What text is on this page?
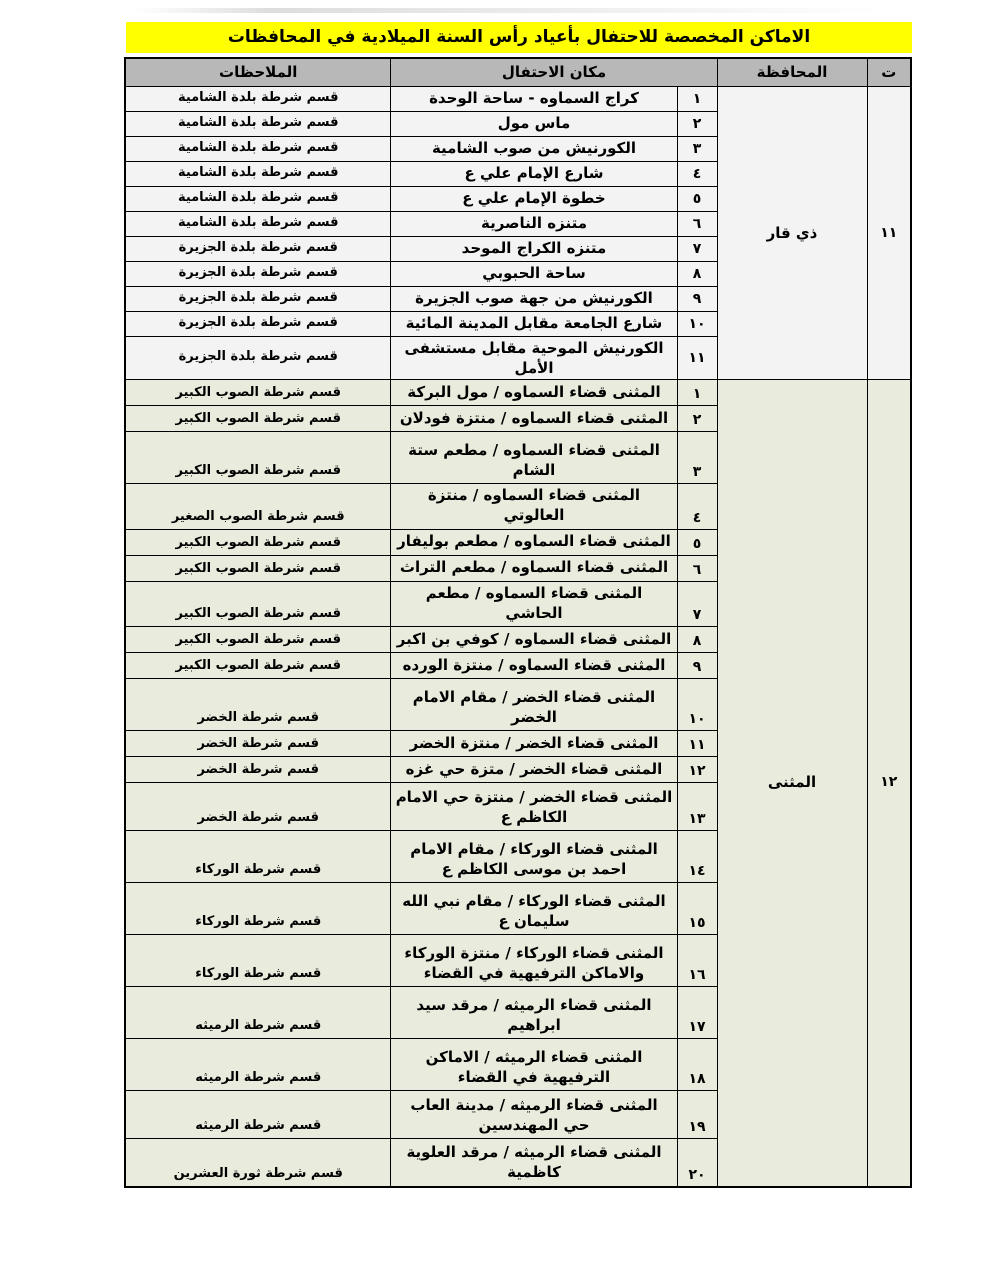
الاماكن المخصصة للاحتفال بأعياد رأس السنة الميلادية في المحافظات
ت	المحافظة	مكان الاحتفال		الملاحظات
١١	ذي قار	١	كراج السماوه - ساحة الوحدة	قسم شرطة بلدة الشامية
		٢	ماس مول	قسم شرطة بلدة الشامية
		٣	الكورنيش من صوب الشامية	قسم شرطة بلدة الشامية
		٤	شارع الإمام علي ع	قسم شرطة بلدة الشامية
		٥	خطوة الإمام علي ع	قسم شرطة بلدة الشامية
		٦	متنزه الناصرية	قسم شرطة بلدة الشامية
		٧	متنزه الكراج الموحد	قسم شرطة بلدة الجزيرة
		٨	ساحة الحبوبي	قسم شرطة بلدة الجزيرة
		٩	الكورنيش من جهة صوب الجزيرة	قسم شرطة بلدة الجزيرة
		١٠	شارع الجامعة مقابل المدينة المائية	قسم شرطة بلدة الجزيرة
		١١	الكورنيش الموحية مقابل مستشفى الأمل	قسم شرطة بلدة الجزيرة
١٢	المثنى	١	المثنى قضاء السماوه / مول البركة	قسم شرطة الصوب الكبير
		٢	المثنى قضاء السماوه / منتزة فودلان	قسم شرطة الصوب الكبير
		٣	المثنى قضاء السماوه / مطعم ستة الشام	قسم شرطة الصوب الكبير
		٤	المثنى قضاء السماوه / منتزة العالوتي	قسم شرطة الصوب الصغير
		٥	المثنى قضاء السماوه / مطعم بوليفار	قسم شرطة الصوب الكبير
		٦	المثنى قضاء السماوه / مطعم التراث	قسم شرطة الصوب الكبير
		٧	المثنى قضاء السماوه / مطعم الحاشي	قسم شرطة الصوب الكبير
		٨	المثنى قضاء السماوه / كوفي بن اكبر	قسم شرطة الصوب الكبير
		٩	المثنى قضاء السماوه / منتزة الورده	قسم شرطة الصوب الكبير
		١٠	المثنى قضاء الخضر / مقام الامام الخضر	قسم شرطة الخضر
		١١	المثنى قضاء الخضر / منتزة الخضر	قسم شرطة الخضر
		١٢	المثنى قضاء الخضر / متزة حي غزه	قسم شرطة الخضر
		١٣	المثنى قضاء الخضر / منتزة حي الامام الكاظم ع	قسم شرطة الخضر
		١٤	المثنى قضاء الوركاء / مقام الامام احمد بن موسى الكاظم ع	قسم شرطة الوركاء
		١٥	المثنى قضاء الوركاء / مقام نبي الله سليمان ع	قسم شرطة الوركاء
		١٦	المثنى قضاء الوركاء / منتزة الوركاء والاماكن الترفيهية في القضاء	قسم شرطة الوركاء
		١٧	المثنى قضاء الرميثه / مرقد سيد ابراهيم	قسم شرطة الرميثه
		١٨	المثنى قضاء الرميثه / الاماكن الترفيهية في القضاء	قسم شرطة الرميثه
		١٩	المثنى قضاء الرميثه / مدينة العاب حي المهندسين	قسم شرطة الرميثه
		٢٠	المثنى قضاء الرميثه / مرقد العلوية كاظمية	قسم شرطة ثورة العشرين
